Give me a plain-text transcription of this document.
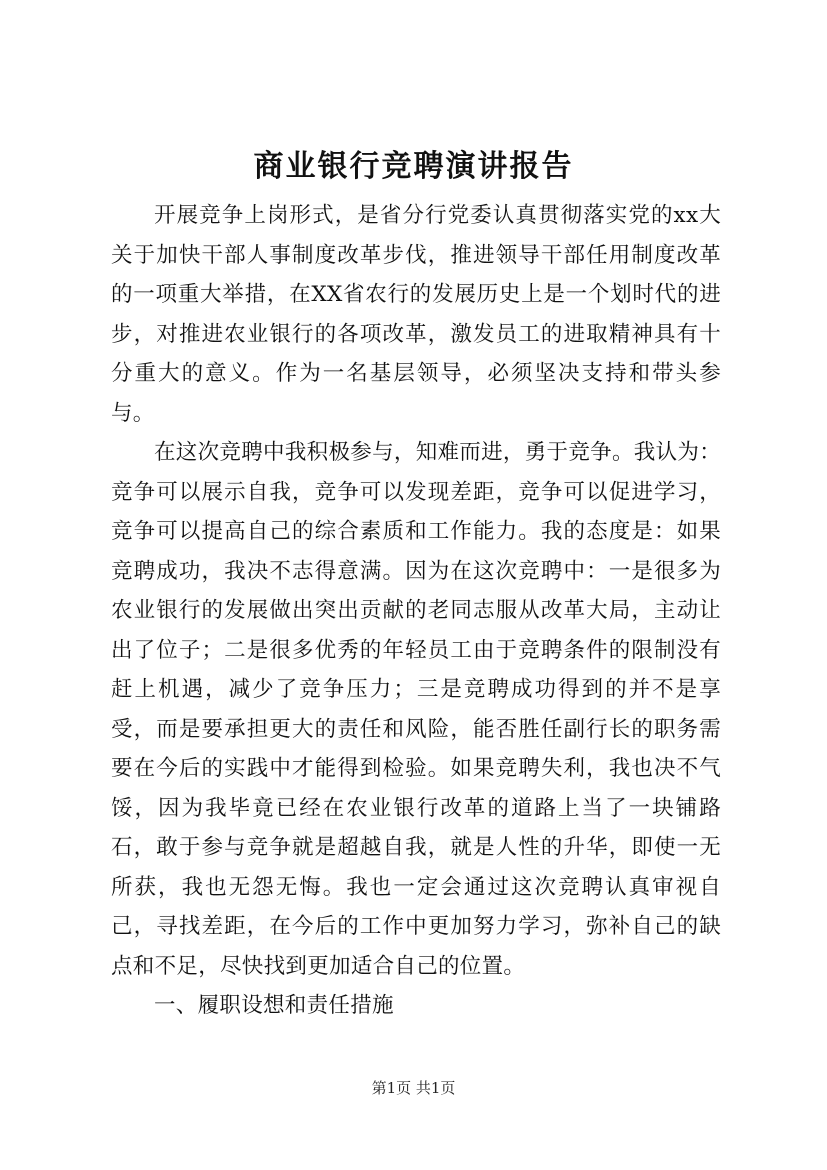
商业银行竞聘演讲报告

开展竞争上岗形式，是省分行党委认真贯彻落实党的xx大关于加快干部人事制度改革步伐，推进领导干部任用制度改革的一项重大举措，在XX省农行的发展历史上是一个划时代的进步，对推进农业银行的各项改革，激发员工的进取精神具有十分重大的意义。作为一名基层领导，必须坚决支持和带头参与。

在这次竞聘中我积极参与，知难而进，勇于竞争。我认为：竞争可以展示自我，竞争可以发现差距，竞争可以促进学习，竞争可以提高自己的综合素质和工作能力。我的态度是：如果竞聘成功，我决不志得意满。因为在这次竞聘中：一是很多为农业银行的发展做出突出贡献的老同志服从改革大局，主动让出了位子；二是很多优秀的年轻员工由于竞聘条件的限制没有赶上机遇，减少了竞争压力；三是竞聘成功得到的并不是享受，而是要承担更大的责任和风险，能否胜任副行长的职务需要在今后的实践中才能得到检验。如果竞聘失利，我也决不气馁，因为我毕竟已经在农业银行改革的道路上当了一块铺路石，敢于参与竞争就是超越自我，就是人性的升华，即使一无所获，我也无怨无悔。我也一定会通过这次竞聘认真审视自己，寻找差距，在今后的工作中更加努力学习，弥补自己的缺点和不足，尽快找到更加适合自己的位置。

一、履职设想和责任措施

第1页 共1页
